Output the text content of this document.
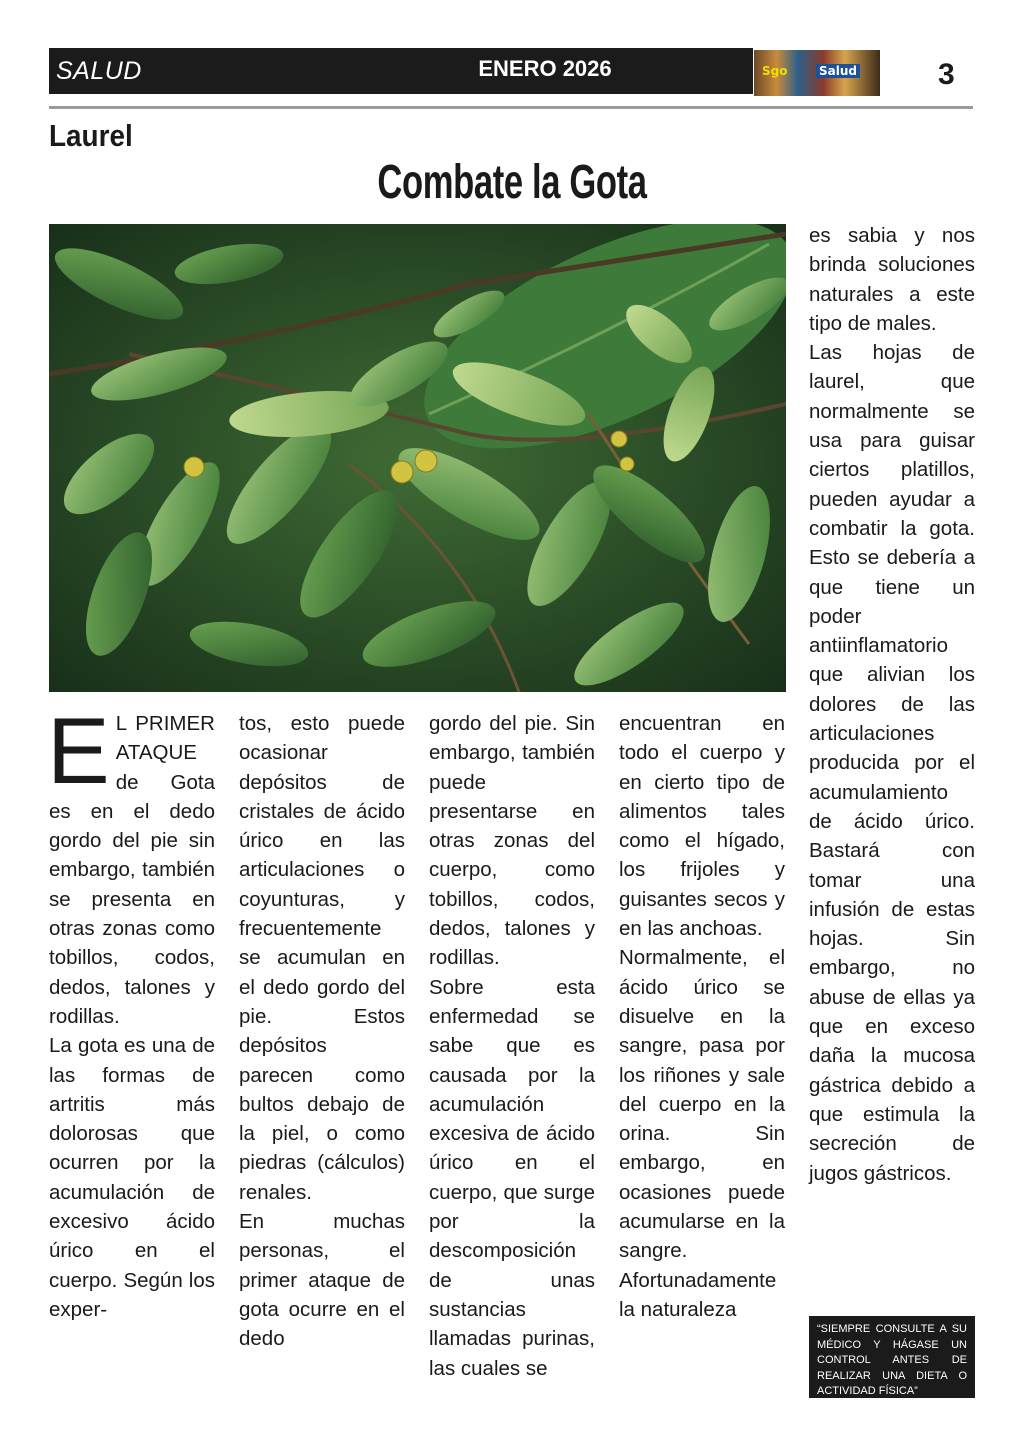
SALUD	ENERO 2026	Sgo	Salud	3
Laurel
Combate la Gota
E L PRIMER ATAQUE de Gota es en el dedo gordo del pie sin embargo, también se presenta en otras zonas como tobillos, codos, dedos, talones y rodillas.

La gota es una de las formas de artritis más dolorosas que ocurren por la acumulación de excesivo ácido úrico en el cuerpo. Según los exper-

tos, esto puede ocasionar depósitos de cristales de ácido úrico en las articulaciones o coyunturas, y frecuentemente se acumulan en el dedo gordo del pie. Estos depósitos parecen como bultos debajo de la piel, o como piedras (cálculos) renales.

En muchas personas, el primer ataque de gota ocurre en el dedo

gordo del pie. Sin embargo, también puede presentarse en otras zonas del cuerpo, como tobillos, codos, dedos, talones y rodillas.

Sobre esta enfermedad se sabe que es causada por la acumulación excesiva de ácido úrico en el cuerpo, que surge por la descomposición de unas sustancias llamadas purinas, las cuales se

encuentran en todo el cuerpo y en cierto tipo de alimentos tales como el hígado, los frijoles y guisantes secos y en las anchoas.

Normalmente, el ácido úrico se disuelve en la sangre, pasa por los riñones y sale del cuerpo en la orina. Sin embargo, en ocasiones puede acumularse en la sangre. Afortunadamente la naturaleza

es sabia y nos brinda soluciones naturales a este tipo de males.

Las hojas de laurel, que normalmente se usa para guisar ciertos platillos, pueden ayudar a combatir la gota. Esto se debería a que tiene un poder antiinflamatorio que alivian los dolores de las articulaciones producida por el acumulamiento de ácido úrico. Bastará con tomar una infusión de estas hojas. Sin embargo, no abuse de ellas ya que en exceso daña la mucosa gástrica debido a que estimula la secreción de jugos gástricos.

“SIEMPRE CONSULTE A SU MÉDICO Y HÁGASE UN CONTROL ANTES DE REALIZAR UNA DIETA O ACTIVIDAD FÍSICA”
